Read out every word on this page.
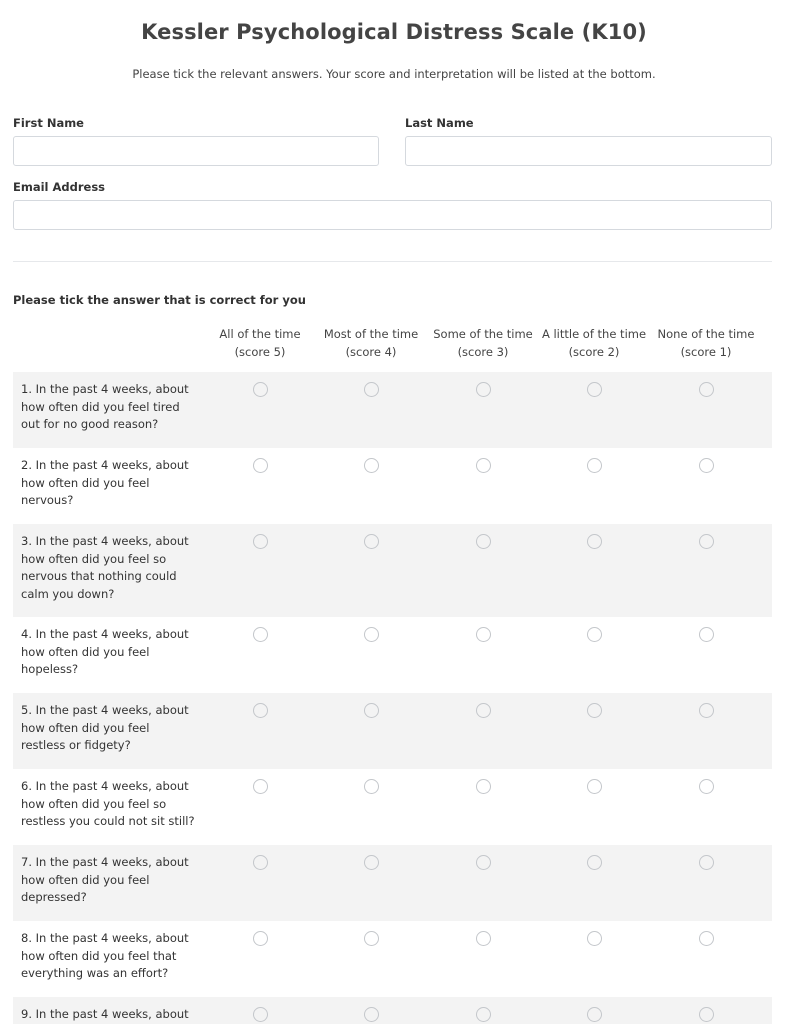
Kessler Psychological Distress Scale (K10)
Please tick the relevant answers. Your score and interpretation will be listed at the bottom.
First Name	Last Name
Email Address
Please tick the answer that is correct for you
All of the time
(score 5)
Most of the time
(score 4)
Some of the time
(score 3)
A little of the time
(score 2)
None of the time
(score 1)
1. In the past 4 weeks, about how often did you feel tired out for no good reason?
2. In the past 4 weeks, about how often did you feel nervous?
3. In the past 4 weeks, about how often did you feel so nervous that nothing could calm you down?
4. In the past 4 weeks, about how often did you feel hopeless?
5. In the past 4 weeks, about how often did you feel restless or fidgety?
6. In the past 4 weeks, about how often did you feel so restless you could not sit still?
7. In the past 4 weeks, about how often did you feel depressed?
8. In the past 4 weeks, about how often did you feel that everything was an effort?
9. In the past 4 weeks, about
